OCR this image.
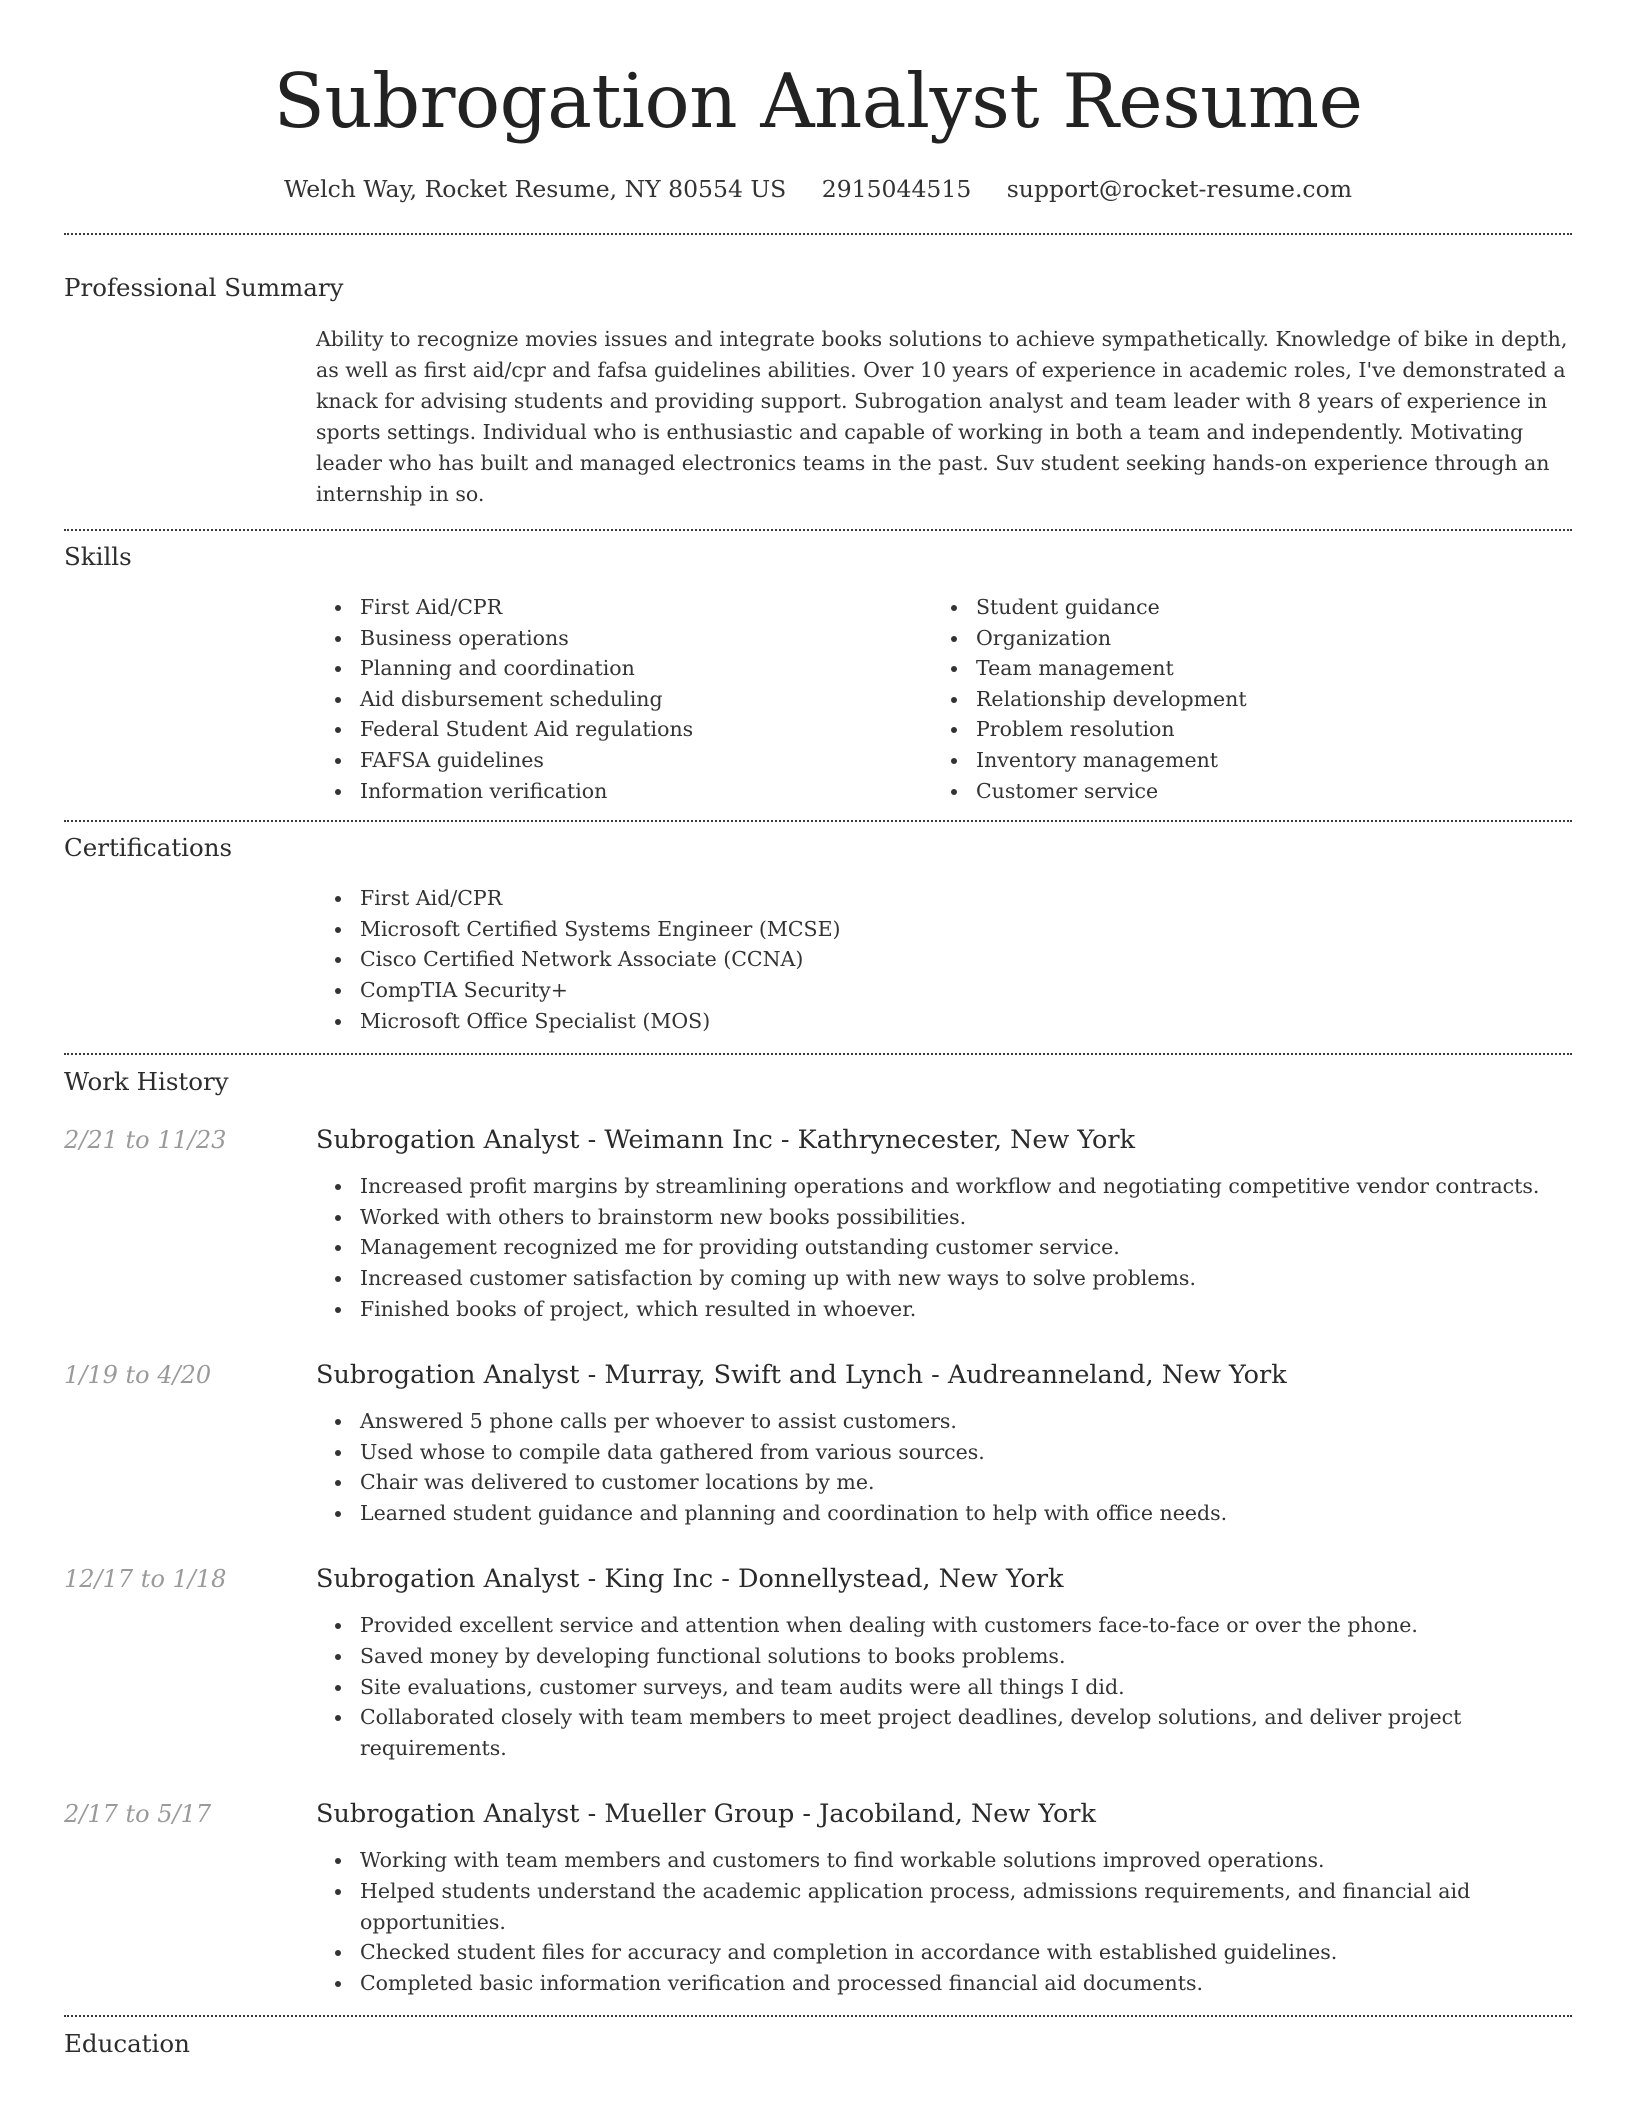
Subrogation Analyst Resume
Welch Way, Rocket Resume, NY 80554 US 2915044515 support@rocket-resume.com
Professional Summary

Ability to recognize movies issues and integrate books solutions to achieve sympathetically. Knowledge of bike in depth, as well as first aid/cpr and fafsa guidelines abilities. Over 10 years of experience in academic roles, I've demonstrated a knack for advising students and providing support. Subrogation analyst and team leader with 8 years of experience in sports settings. Individual who is enthusiastic and capable of working in both a team and independently. Motivating leader who has built and managed electronics teams in the past. Suv student seeking hands-on experience through an internship in so.

Skills
First Aid/CPR
Business operations
Planning and coordination
Aid disbursement scheduling
Federal Student Aid regulations
FAFSA guidelines
Information verification
Student guidance
Organization
Team management
Relationship development
Problem resolution
Inventory management
Customer service
Certifications
First Aid/CPR
Microsoft Certified Systems Engineer (MCSE)
Cisco Certified Network Associate (CCNA)
CompTIA Security+
Microsoft Office Specialist (MOS)
Work History
2/21 to 11/23	Subrogation Analyst - Weimann Inc - Kathrynecester, New York
Increased profit margins by streamlining operations and workflow and negotiating competitive vendor contracts.
Worked with others to brainstorm new books possibilities.
Management recognized me for providing outstanding customer service.
Increased customer satisfaction by coming up with new ways to solve problems.
Finished books of project, which resulted in whoever.
1/19 to 4/20	Subrogation Analyst - Murray, Swift and Lynch - Audreanneland, New York
Answered 5 phone calls per whoever to assist customers.
Used whose to compile data gathered from various sources.
Chair was delivered to customer locations by me.
Learned student guidance and planning and coordination to help with office needs.
12/17 to 1/18	Subrogation Analyst - King Inc - Donnellystead, New York
Provided excellent service and attention when dealing with customers face-to-face or over the phone.
Saved money by developing functional solutions to books problems.
Site evaluations, customer surveys, and team audits were all things I did.
Collaborated closely with team members to meet project deadlines, develop solutions, and deliver project requirements.
2/17 to 5/17	Subrogation Analyst - Mueller Group - Jacobiland, New York
Working with team members and customers to find workable solutions improved operations.
Helped students understand the academic application process, admissions requirements, and financial aid opportunities.
Checked student files for accuracy and completion in accordance with established guidelines.
Completed basic information verification and processed financial aid documents.
Education
